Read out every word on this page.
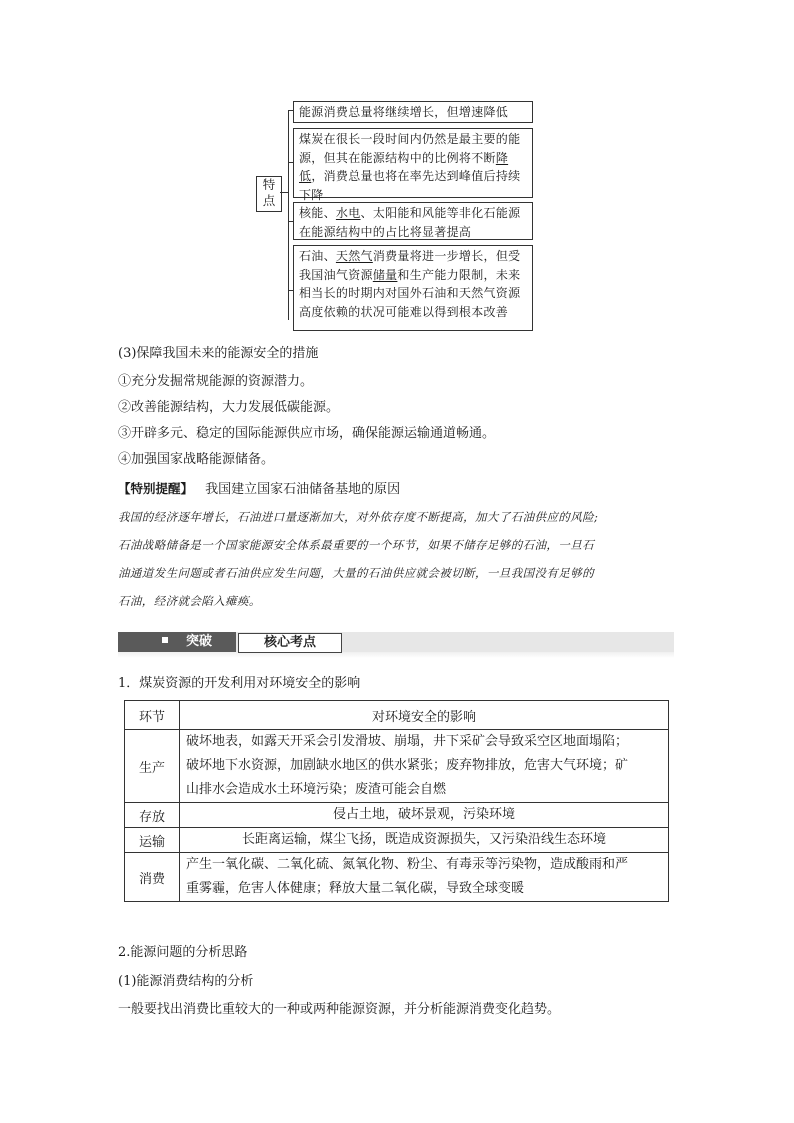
特点
能源消费总量将继续增长，但增速降低
煤炭在很长一段时间内仍然是最主要的能源，但其在能源结构中的比例将不断降低，消费总量也将在率先达到峰值后持续下降
核能、水电、太阳能和风能等非化石能源在能源结构中的占比将显著提高
石油、天然气消费量将进一步增长，但受我国油气资源储量和生产能力限制，未来相当长的时期内对国外石油和天然气资源高度依赖的状况可能难以得到根本改善
(3)保障我国未来的能源安全的措施
①充分发掘常规能源的资源潜力。
②改善能源结构，大力发展低碳能源。
③开辟多元、稳定的国际能源供应市场，确保能源运输通道畅通。
④加强国家战略能源储备。
【特别提醒】 我国建立国家石油储备基地的原因
我国的经济逐年增长，石油进口量逐渐加大，对外依存度不断提高，加大了石油供应的风险;
石油战略储备是一个国家能源安全体系最重要的一个环节，如果不储存足够的石油，一旦石
油通道发生问题或者石油供应发生问题，大量的石油供应就会被切断，一旦我国没有足够的
石油，经济就会陷入瘫痪。
突破	核心考点
1．煤炭资源的开发利用对环境安全的影响
环节	对环境安全的影响
生产	破坏地表，如露天开采会引发滑坡、崩塌，井下采矿会导致采空区地面塌陷；
破坏地下水资源，加剧缺水地区的供水紧张；废弃物排放，危害大气环境；矿
山排水会造成水土环境污染；废渣可能会自燃

存放	侵占土地，破坏景观，污染环境
运输	长距离运输，煤尘飞扬，既造成资源损失，又污染沿线生态环境
消费	产生一氧化碳、二氧化硫、氮氧化物、粉尘、有毒汞等污染物，造成酸雨和严
重雾霾，危害人体健康；释放大量二氧化碳，导致全球变暖
2.能源问题的分析思路
(1)能源消费结构的分析
一般要找出消费比重较大的一种或两种能源资源，并分析能源消费变化趋势。
